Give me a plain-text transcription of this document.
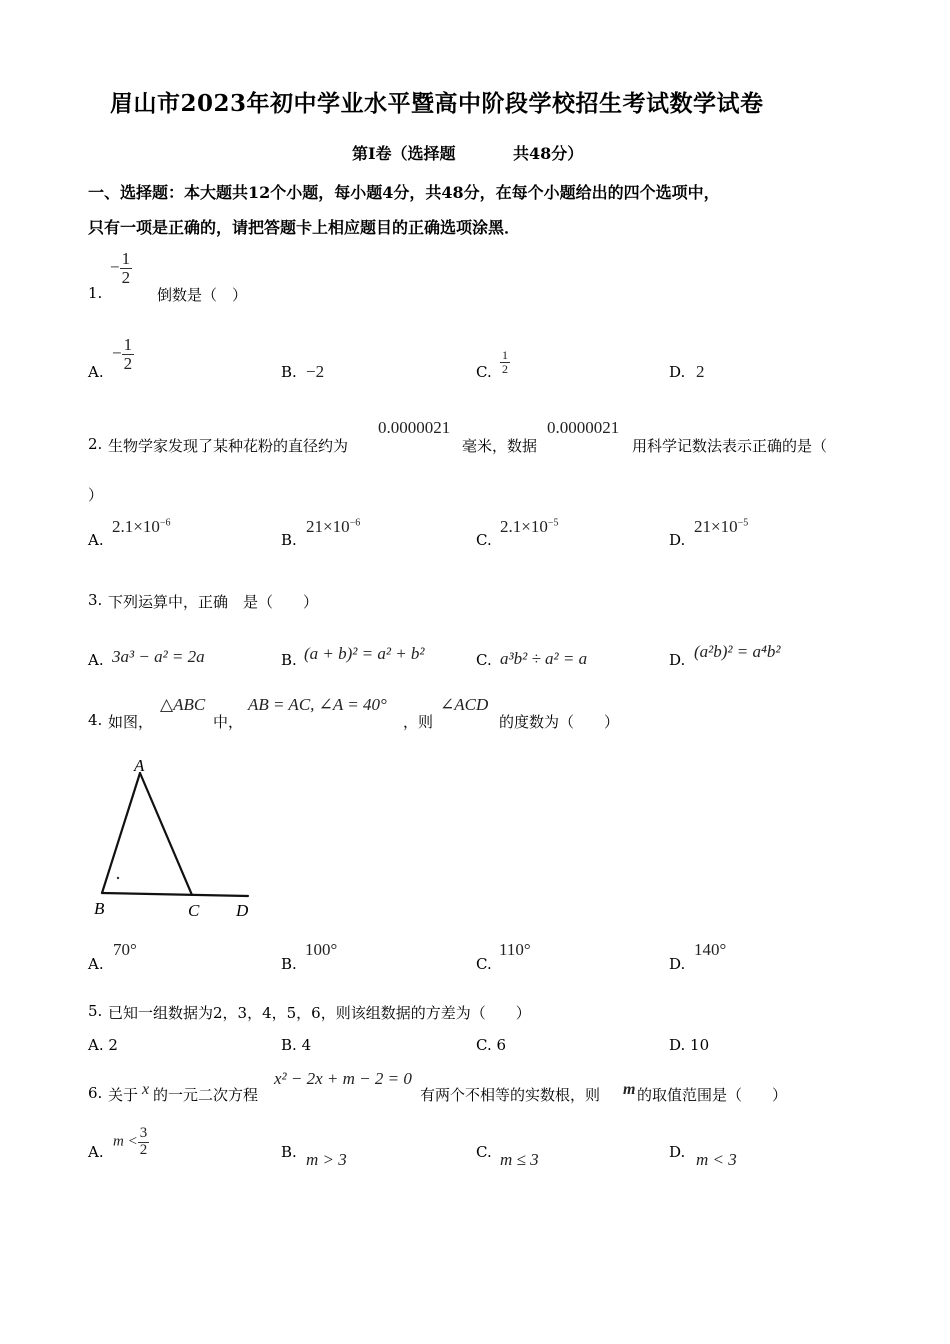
眉山市2023年初中学业水平暨高中阶段学校招生考试数学试卷
第I卷（选择题	共48分）
一、选择题：本大题共12个小题，每小题4分，共48分，在每个小题给出的四个选项中，
只有一项是正确的，请把答题卡上相应题目的正确选项涂黑．
1.
− $\frac{1}{2}$
倒数是（　）
A.
− $\frac{1}{2}$	B. −2	C. $\frac{1}{2}$	D. 2
2. 生物学家发现了某种花粉的直径约为
0.0000021
毫米，数据
0.0000021
用科学记数法表示正确的是（
）
A.
$2.1\times 10^{-6}$
B.
$21\times 10^{-6}$
C.
$2.1\times 10^{-5}$
D.
$21\times 10^{-5}$
3. 下列运算中，正确　是（　　）
A. 3a³ − a² = 2a	B. (a + b)² = a² + b²	C. a³b² ÷ a² = a	D. (a²b)² = a⁴b²
4. 如图，
△ABC
中，
AB = AC, ∠A = 40°
，则
∠ACD
的度数为（　　）
A
B	C D
A.
70°
B.
100°
C.
110°
D.
140°
5. 已知一组数据为2，3，4，5，6，则该组数据的方差为（　　）
A. 2	B. 4	C. 6	D. 10
6. 关于 x 的一元二次方程
x² − 2x + m − 2 = 0
有两个不相等的实数根，则 m 的取值范围是（　　）
A.
$m < \frac{3}{2}$	B. m > 3	C. m ≤ 3	D. m < 3
